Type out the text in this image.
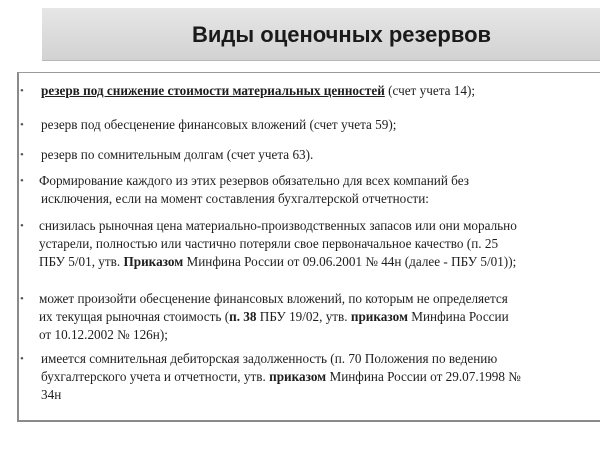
Виды оценочных резервов
• резерв под снижение стоимости материальных ценностей (счет учета 14);
• резерв под обесценение финансовых вложений (счет учета 59);
• резерв по сомнительным долгам (счет учета 63).
• Формирование каждого из этих резервов обязательно для всех компаний без
исключения, если на момент составления бухгалтерской отчетности:
• снизилась рыночная цена материально-производственных запасов или они морально
устарели, полностью или частично потеряли свое первоначальное качество (п. 25
ПБУ 5/01, утв. Приказом Минфина России от 09.06.2001 № 44н (далее - ПБУ 5/01));
• может произойти обесценение финансовых вложений, по которым не определяется
их текущая рыночная стоимость (п. 38 ПБУ 19/02, утв. приказом Минфина России
от 10.12.2002 № 126н);
• имеется сомнительная дебиторская задолженность (п. 70 Положения по ведению
бухгалтерского учета и отчетности, утв. приказом Минфина России от 29.07.1998 №
34н
